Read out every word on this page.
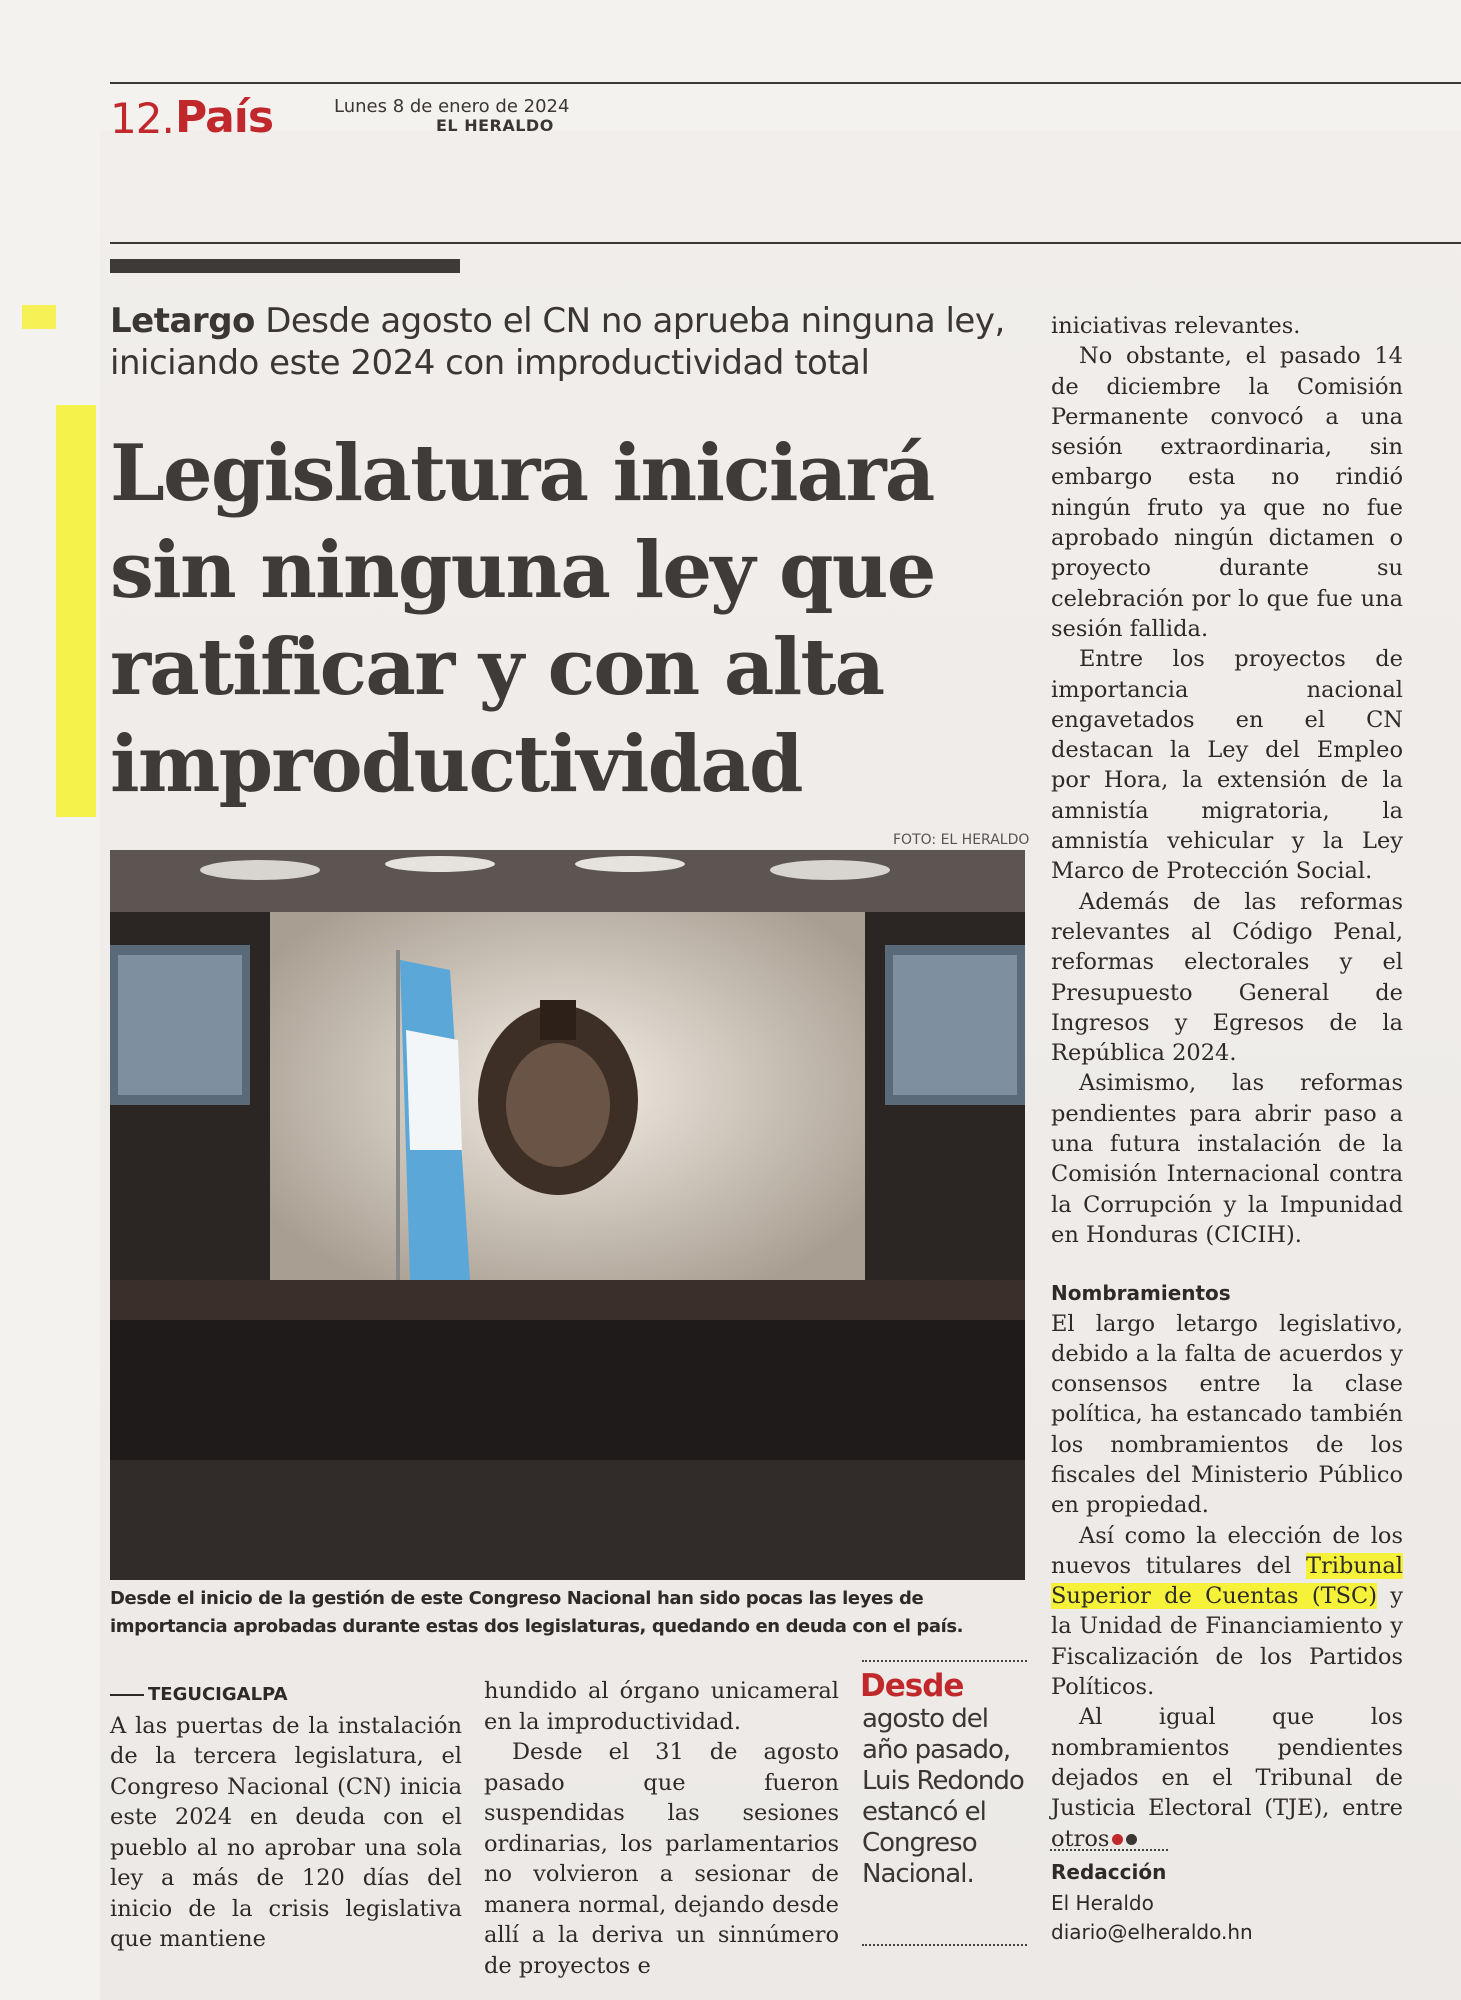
12. País	Lunes 8 de enero de 2024
EL HERALDO
Letargo Desde agosto el CN no aprueba ninguna ley, iniciando este 2024 con improductividad total
Legislatura iniciará sin ninguna ley que ratificar y con alta improductividad
FOTO: EL HERALDO
Desde el inicio de la gestión de este Congreso Nacional han sido pocas las leyes de importancia aprobadas durante estas dos legislaturas, quedando en deuda con el país.
TEGUCIGALPA

A las puertas de la instalación de la tercera legislatura, el Congreso Nacional (CN) inicia este 2024 en deuda con el pueblo al no aprobar una sola ley a más de 120 días del inicio de la crisis legislativa que mantiene

hundido al órgano unicameral en la improductividad.

Desde el 31 de agosto pasado que fueron suspendidas las sesiones ordinarias, los parlamentarios no volvieron a sesionar de manera normal, dejando desde allí a la deriva un sinnúmero de proyectos e

Desde
agosto del año pasado, Luis Redondo estancó el Congreso Nacional.

iniciativas relevantes.

No obstante, el pasado 14 de diciembre la Comisión Permanente convocó a una sesión extraordinaria, sin embargo esta no rindió ningún fruto ya que no fue aprobado ningún dictamen o proyecto durante su celebración por lo que fue una sesión fallida.

Entre los proyectos de importancia nacional engavetados en el CN destacan la Ley del Empleo por Hora, la extensión de la amnistía migratoria, la amnistía vehicular y la Ley Marco de Protección Social.

Además de las reformas relevantes al Código Penal, reformas electorales y el Presupuesto General de Ingresos y Egresos de la República 2024.

Asimismo, las reformas pendientes para abrir paso a una futura instalación de la Comisión Internacional contra la Corrupción y la Impunidad en Honduras (CICIH).

Nombramientos

El largo letargo legislativo, debido a la falta de acuerdos y consensos entre la clase política, ha estancado también los nombramientos de los fiscales del Ministerio Público en propiedad.

Así como la elección de los nuevos titulares del Tribunal Superior de Cuentas (TSC) y la Unidad de Financiamiento y Fiscalización de los Partidos Políticos.

Al igual que los nombramientos pendientes dejados en el Tribunal de Justicia Electoral (TJE), entre otros

Redacción
El Heraldo
diario@elheraldo.hn
